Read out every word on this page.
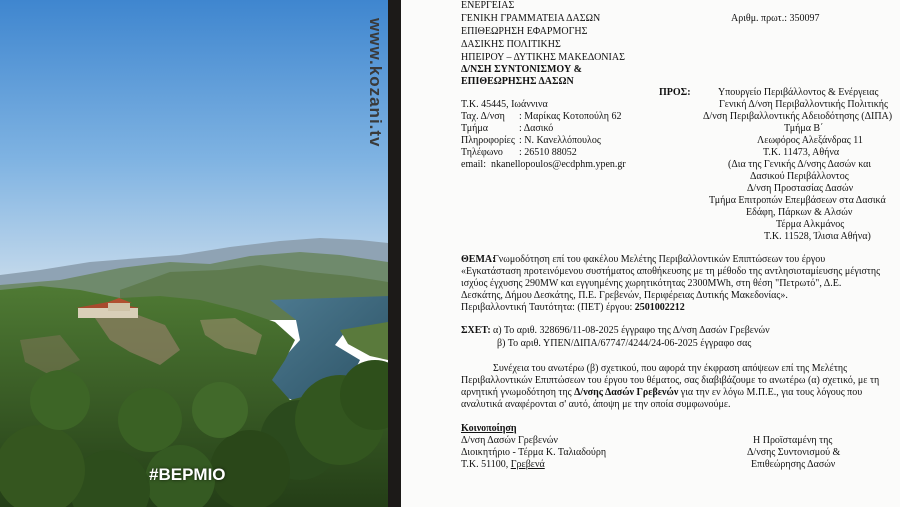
www.kozani.tv
#ΒΕΡΜΙΟ
ΕΝΕΡΓΕΙΑΣ
ΓΕΝΙΚΗ ΓΡΑΜΜΑΤΕΙΑ ΔΑΣΩΝ
ΕΠΙΘΕΩΡΗΣΗ ΕΦΑΡΜΟΓΗΣ
ΔΑΣΙΚΗΣ ΠΟΛΙΤΙΚΗΣ
ΗΠΕΙΡΟΥ – ΔΥΤΙΚΗΣ ΜΑΚΕΔΟΝΙΑΣ
Δ/ΝΣΗ ΣΥΝΤΟΝΙΣΜΟΥ &
ΕΠΙΘΕΩΡΗΣΗΣ ΔΑΣΩΝ
Αριθμ. πρωτ.: 350097
Τ.Κ. 45445, Ιωάννινα
Ταχ. Δ/νση : Μαρίκας Κοτοπούλη 62
Τμήμα	: Δασικό
Πληροφορίες : Ν. Κανελλόπουλος
Τηλέφωνο : 26510 88052
email: nkanellopoulos@ecdphm.ypen.gr
ΠΡΟΣ:	Υπουργείο Περιβάλλοντος & Ενέργειας
Γενική Δ/νση Περιβαλλοντικής Πολιτικής
Δ/νση Περιβαλλοντικής Αδειοδότησης (ΔΙΠΑ)
Τμήμα Β΄
Λεωφόρος Αλεξάνδρας 11
Τ.Κ. 11473, Αθήνα
(Δια της Γενικής Δ/νσης Δασών και
Δασικού Περιβάλλοντος
Δ/νση Προστασίας Δασών
Τμήμα Επιτροπών Επεμβάσεων στα Δασικά
Εδάφη, Πάρκων & Αλσών
Τέρμα Αλκμάνος
Τ.Κ. 11528, Ίλισια Αθήνα)
ΘΕΜΑ:
Γνωμοδότηση επί του φακέλου Μελέτης Περιβαλλοντικών Επιπτώσεων του έργου
«Εγκατάσταση προτεινόμενου συστήματος αποθήκευσης με τη μέθοδο της αντλησιοταμίευσης μέγιστης
ισχύος έγχυσης 290MW και εγγυημένης χωρητικότητας 2300MWh, στη θέση "Πετρωτό", Δ.Ε.
Δεσκάτης, Δήμου Δεσκάτης, Π.Ε. Γρεβενών, Περιφέρειας Δυτικής Μακεδονίας».
Περιβαλλοντική Ταυτότητα: (ΠΕΤ) έργου: 2501002212
ΣΧΕΤ: α) Το αριθ. 328696/11-08-2025 έγγραφο της Δ/νση Δασών Γρεβενών
β) Το αριθ. ΥΠΕΝ/ΔΙΠΑ/67747/4244/24-06-2025 έγγραφο σας
Συνέχεια του ανωτέρω (β) σχετικού, που αφορά την έκφραση απόψεων επί της Μελέτης
Περιβαλλοντικών Επιπτώσεων του έργου του θέματος, σας διαβιβάζουμε το ανωτέρω (α) σχετικό, με τη
αρνητική γνωμοδότηση της Δ/νσης Δασών Γρεβενών για την εν λόγω Μ.Π.Ε., για τους λόγους που
αναλυτικά αναφέρονται σ' αυτό, άποψη με την οποία συμφωνούμε.
Κοινοποίηση
Δ/νση Δασών Γρεβενών
Διοικητήριο - Τέρμα Κ. Ταλιαδούρη
Τ.Κ. 51100, Γρεβενά
Η Προϊσταμένη της
Δ/νσης Συντονισμού &
Επιθεώρησης Δασών
